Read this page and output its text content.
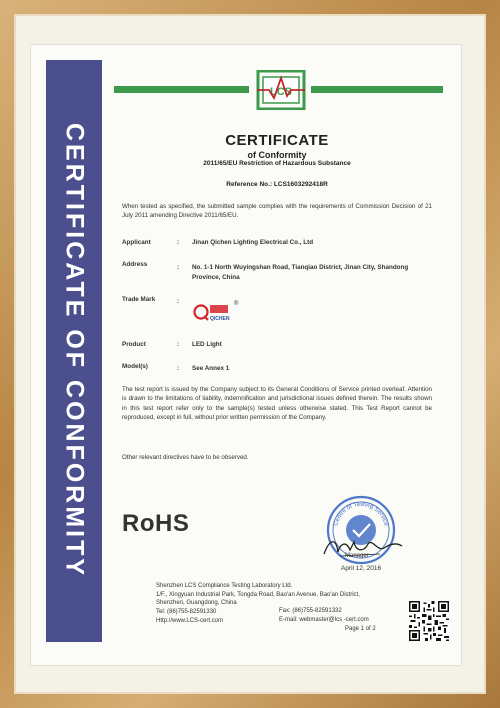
CERTIFICATE OF CONFORMITY
LCS
CERTIFICATE
of Conformity
2011/65/EU Restriction of Hazardous Substance
Reference No.: LCS1603292418R
When tested as specified, the submitted sample complies with the requirements of Commission Decision of 21 July 2011 amending Directive 2011/65/EU.
Applicant	: Jinan Qichen Lighting Electrical Co., Ltd
Address	: No. 1-1 North Wuyingshan Road, Tianqiao District, Jinan City, Shandong Province, China
Trade Mark	:
QICHEN
®
Product	: LED Light
Model(s)	: See Annex 1
The test report is issued by the Company subject to its General Conditions of Service printed overleaf. Attention is drawn to the limitations of liability, indemnification and jurisdictional issues defined therein. The results shown in this test report refer only to the sample(s) tested unless otherwise stated. This Test Report cannot be reproduced, except in full, without prior written permission of the Company.
Other relevant directives have to be observed.
RoHS	Centre of Testing Service
Manager
April 12, 2016
Shenzhen LCS Compliance Testing Laboratory Ltd.
1/F., Xingyuan Industrial Park, Tongda Road, Bao'an Avenue, Bao'an District,
Shenzhen, Guangdong, China
Tel: (86)755-82591330
Http://www.LCS-cert.com
Fax: (86)755-82591332
E-mail: webmaster@lcs -cert.com
Page 1 of 2
